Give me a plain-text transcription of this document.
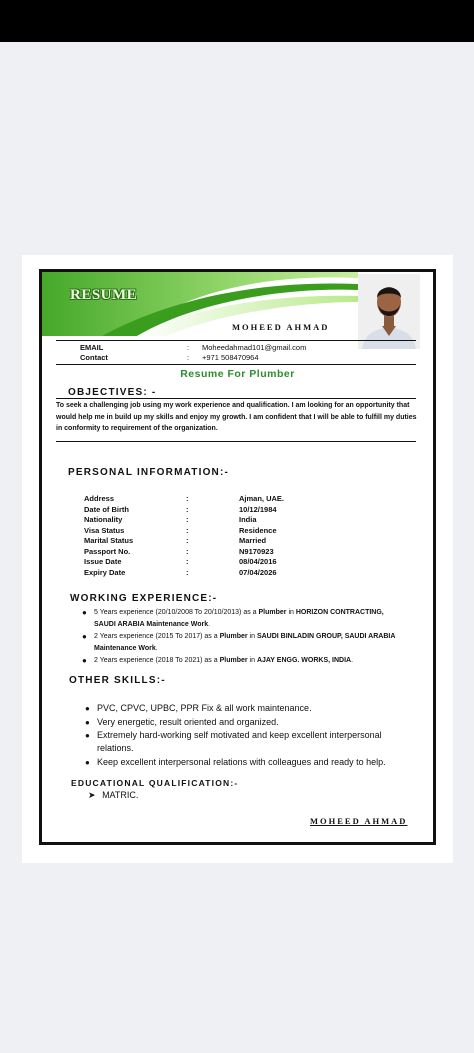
RESUME
MOHEED AHMAD
EMAIL	: Moheedahmad101@gmail.com
Contact	: +971 508470964
Resume For Plumber
OBJECTIVES: -
To seek a challenging job using my work experience and qualification. I am looking for an opportunity that would help me in build up my skills and enjoy my growth. I am confident that I will be able to fulfill my duties in conformity to requirement of the organization.
PERSONAL INFORMATION:-
Address	:	Ajman, UAE.
Date of Birth	:	10/12/1984
Nationality	:	India
Visa Status	:	Residence
Marital Status	:	Married
Passport No.	:	N9170923
Issue Date	:	08/04/2016
Expiry Date	:	07/04/2026
WORKING EXPERIENCE:-
● 5 Years experience (20/10/2008 To 20/10/2013) as a Plumber in HORIZON CONTRACTING, SAUDI ARABIA Maintenance Work.
● 2 Years experience (2015 To 2017) as a Plumber in SAUDI BINLADIN GROUP, SAUDI ARABIA Maintenance Work.
● 2 Years experience (2018 To 2021) as a Plumber in AJAY ENGG. WORKS, INDIA.
OTHER SKILLS:-
● PVC, CPVC, UPBC, PPR Fix & all work maintenance.
● Very energetic, result oriented and organized.
● Extremely hard-working self motivated and keep excellent interpersonal relations.
● Keep excellent interpersonal relations with colleagues and ready to help.
EDUCATIONAL QUALIFICATION:-
➤ MATRIC.
MOHEED AHMAD
